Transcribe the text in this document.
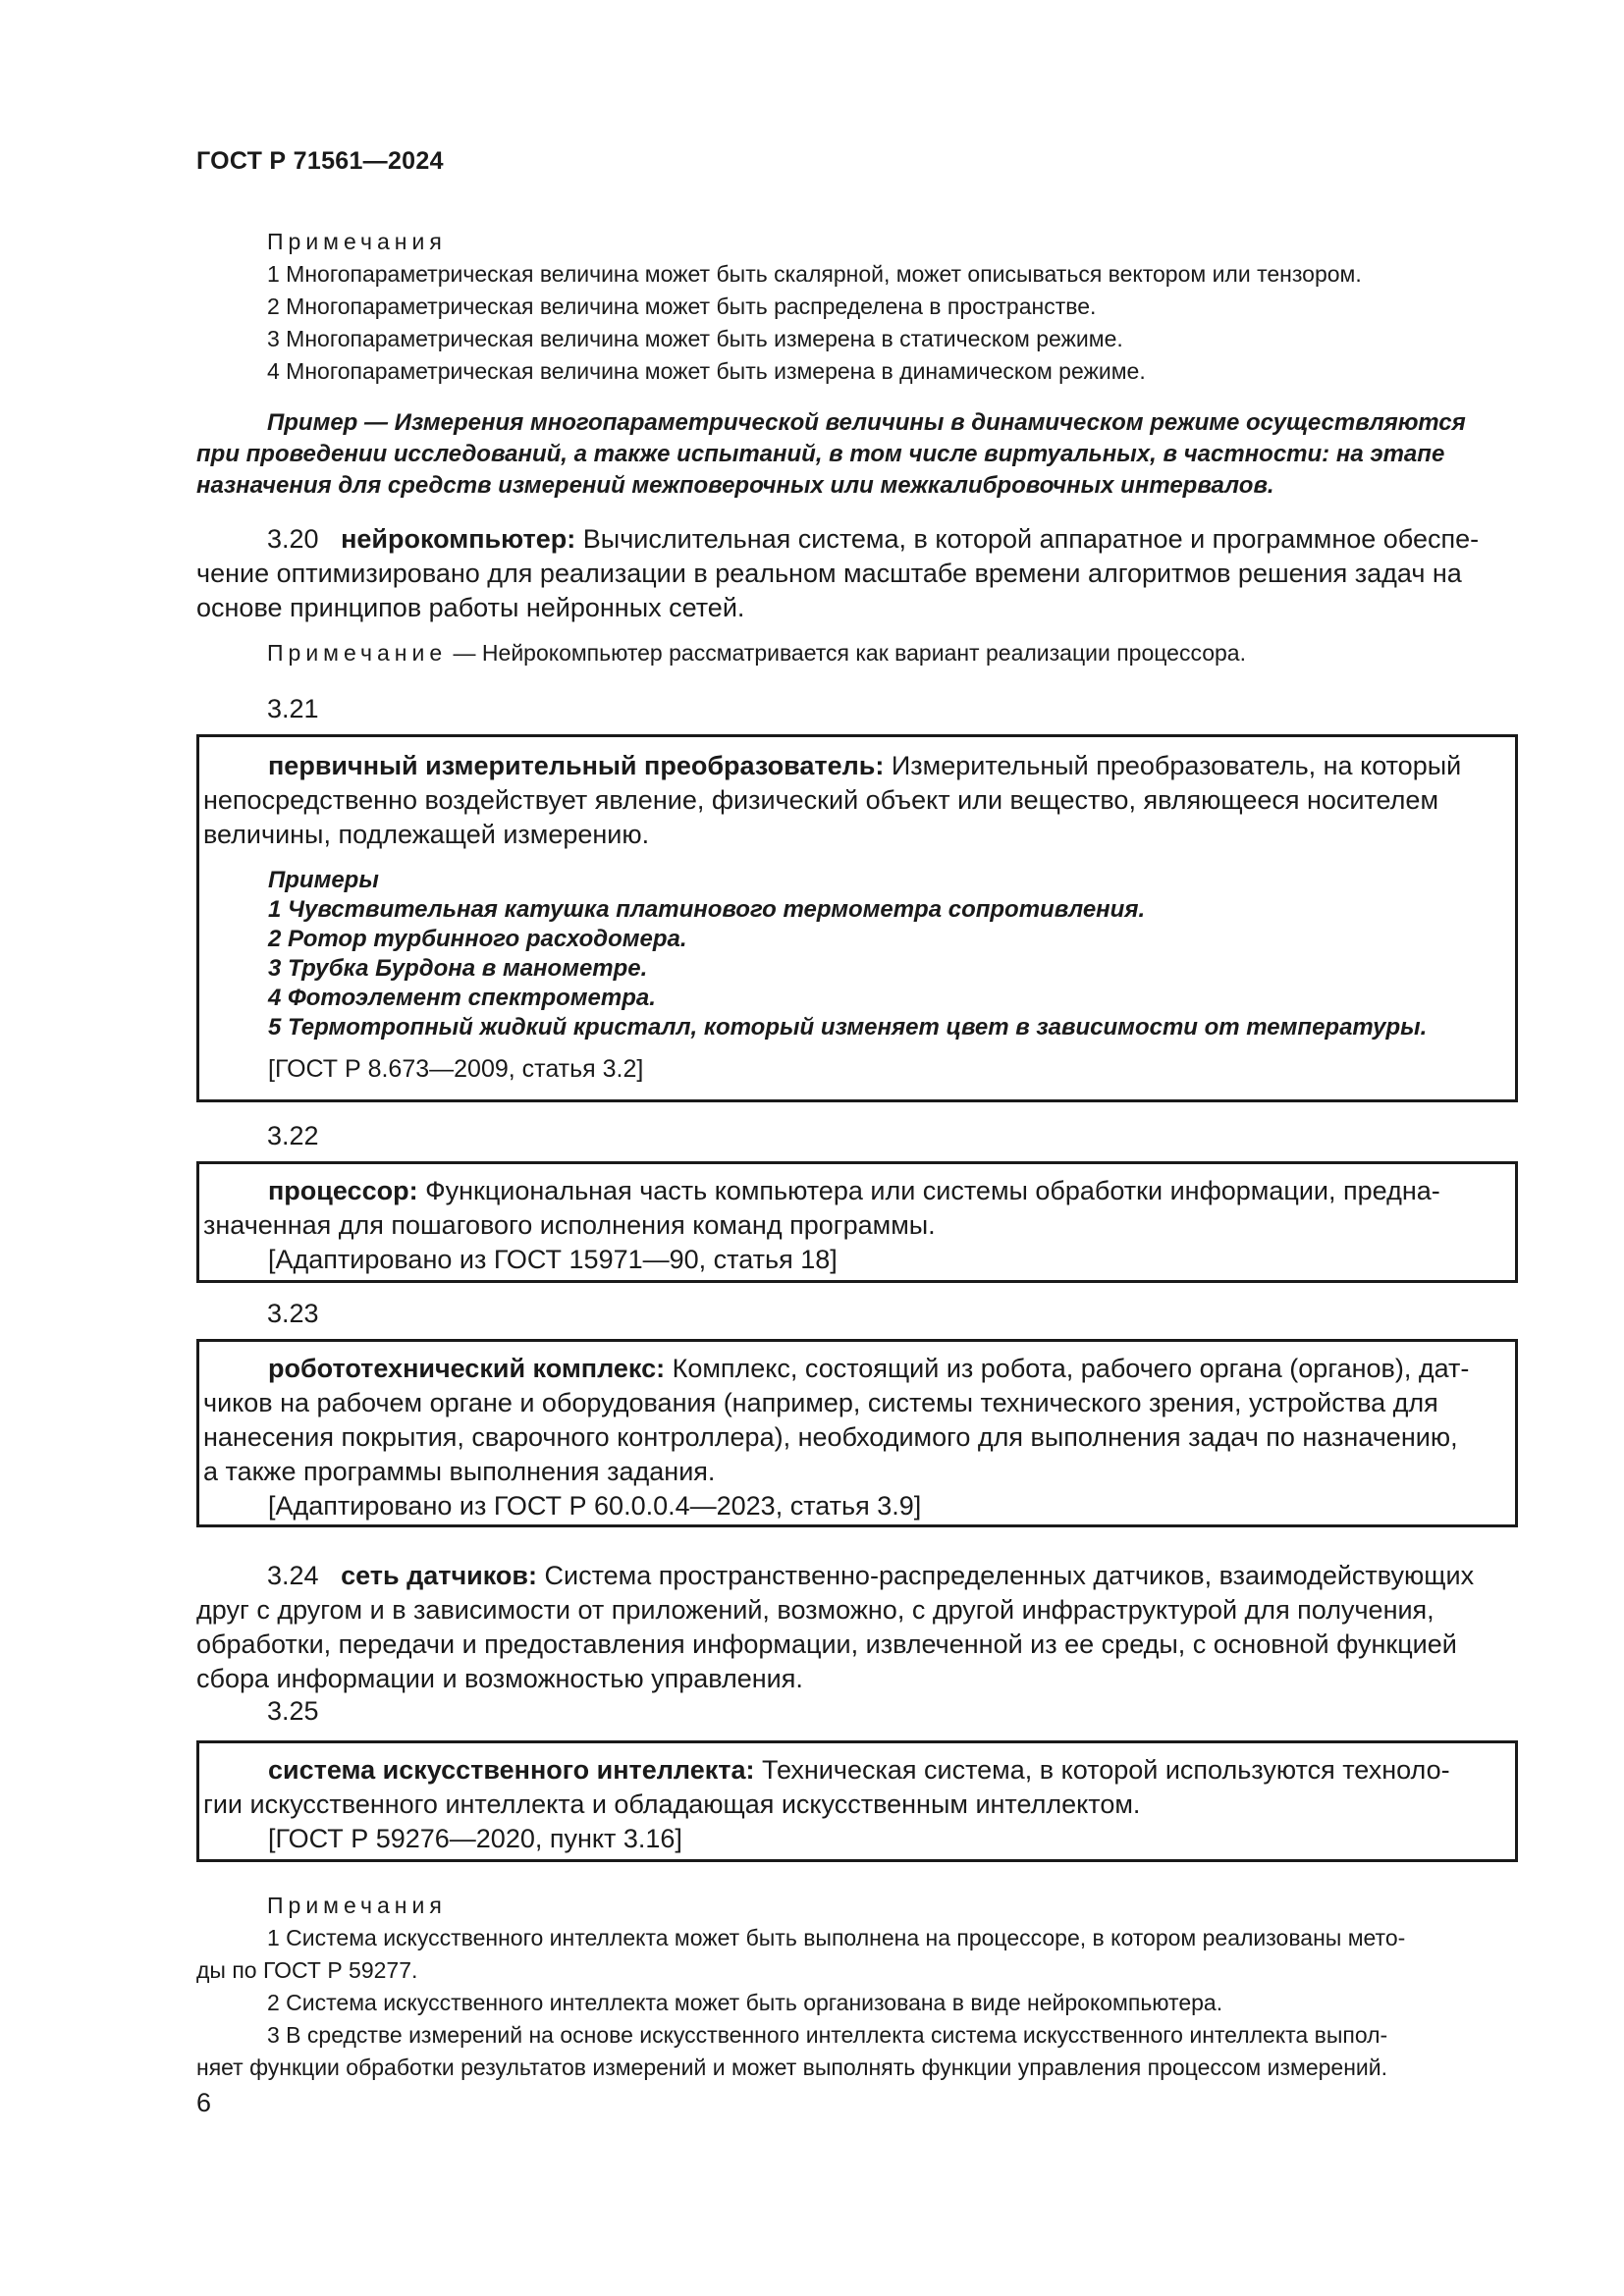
ГОСТ Р 71561—2024
Примечания
1 Многопараметрическая величина может быть скалярной, может описываться вектором или тензором.
2 Многопараметрическая величина может быть распределена в пространстве.
3 Многопараметрическая величина может быть измерена в статическом режиме.
4 Многопараметрическая величина может быть измерена в динамическом режиме.
Пример — Измерения многопараметрической величины в динамическом режиме осуществляются
при проведении исследований, а также испытаний, в том числе виртуальных, в частности: на этапе
назначения для средств измерений межповерочных или межкалибровочных интервалов.
3.20 нейрокомпьютер: Вычислительная система, в которой аппаратное и программное обеспе-
чение оптимизировано для реализации в реальном масштабе времени алгоритмов решения задач на
основе принципов работы нейронных сетей.
Примечание — Нейрокомпьютер рассматривается как вариант реализации процессора.
3.21
первичный измерительный преобразователь: Измерительный преобразователь, на который
непосредственно воздействует явление, физический объект или вещество, являющееся носителем
величины, подлежащей измерению.
Примеры
1 Чувствительная катушка платинового термометра сопротивления.
2 Ротор турбинного расходомера.
3 Трубка Бурдона в манометре.
4 Фотоэлемент спектрометра.
5 Термотропный жидкий кристалл, который изменяет цвет в зависимости от температуры.
[ГОСТ Р 8.673—2009, статья 3.2]
3.22
процессор: Функциональная часть компьютера или системы обработки информации, предна-
значенная для пошагового исполнения команд программы.
[Адаптировано из ГОСТ 15971—90, статья 18]
3.23
робототехнический комплекс: Комплекс, состоящий из робота, рабочего органа (органов), дат-
чиков на рабочем органе и оборудования (например, системы технического зрения, устройства для
нанесения покрытия, сварочного контроллера), необходимого для выполнения задач по назначению,
а также программы выполнения задания.
[Адаптировано из ГОСТ Р 60.0.0.4—2023, статья 3.9]
3.24 сеть датчиков: Система пространственно-распределенных датчиков, взаимодействующих
друг с другом и в зависимости от приложений, возможно, с другой инфраструктурой для получения,
обработки, передачи и предоставления информации, извлеченной из ее среды, с основной функцией
сбора информации и возможностью управления.
3.25
система искусственного интеллекта: Техническая система, в которой используются техноло-
гии искусственного интеллекта и обладающая искусственным интеллектом.
[ГОСТ Р 59276—2020, пункт 3.16]
Примечания
1 Система искусственного интеллекта может быть выполнена на процессоре, в котором реализованы мето-
ды по ГОСТ Р 59277.
2 Система искусственного интеллекта может быть организована в виде нейрокомпьютера.
3 В средстве измерений на основе искусственного интеллекта система искусственного интеллекта выпол-
няет функции обработки результатов измерений и может выполнять функции управления процессом измерений.
6
